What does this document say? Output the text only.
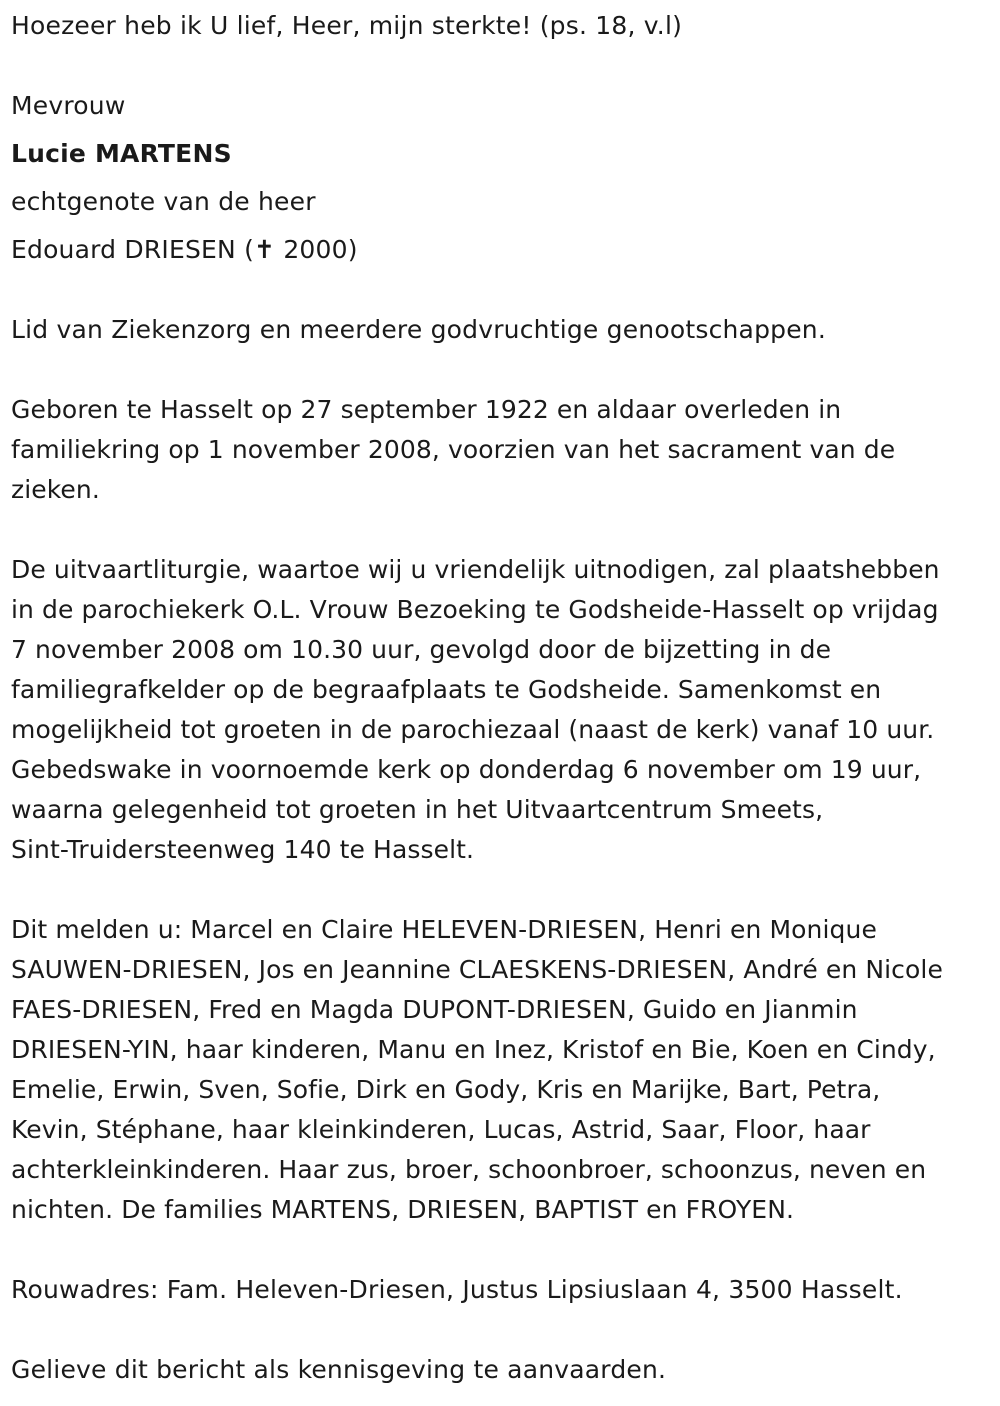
Hoezeer heb ik U lief, Heer, mijn sterkte! (ps. 18, v.l)
Mevrouw
Lucie MARTENS
echtgenote van de heer
Edouard DRIESEN (✝ 2000)
Lid van Ziekenzorg en meerdere godvruchtige genootschappen.
Geboren te Hasselt op 27 september 1922 en aldaar overleden in
familiekring op 1 november 2008, voorzien van het sacrament van de
zieken.
De uitvaartliturgie, waartoe wij u vriendelijk uitnodigen, zal plaatshebben
in de parochiekerk O.L. Vrouw Bezoeking te Godsheide-Hasselt op vrijdag
7 november 2008 om 10.30 uur, gevolgd door de bijzetting in de
familiegrafkelder op de begraafplaats te Godsheide. Samenkomst en
mogelijkheid tot groeten in de parochiezaal (naast de kerk) vanaf 10 uur.
Gebedswake in voornoemde kerk op donderdag 6 november om 19 uur,
waarna gelegenheid tot groeten in het Uitvaartcentrum Smeets,
Sint-Truidersteenweg 140 te Hasselt.
Dit melden u: Marcel en Claire HELEVEN-DRIESEN, Henri en Monique
SAUWEN-DRIESEN, Jos en Jeannine CLAESKENS-DRIESEN, André en Nicole
FAES-DRIESEN, Fred en Magda DUPONT-DRIESEN, Guido en Jianmin
DRIESEN-YIN, haar kinderen, Manu en Inez, Kristof en Bie, Koen en Cindy,
Emelie, Erwin, Sven, Sofie, Dirk en Gody, Kris en Marijke, Bart, Petra,
Kevin, Stéphane, haar kleinkinderen, Lucas, Astrid, Saar, Floor, haar
achterkleinkinderen. Haar zus, broer, schoonbroer, schoonzus, neven en
nichten. De families MARTENS, DRIESEN, BAPTIST en FROYEN.
Rouwadres: Fam. Heleven-Driesen, Justus Lipsiuslaan 4, 3500 Hasselt.
Gelieve dit bericht als kennisgeving te aanvaarden.
